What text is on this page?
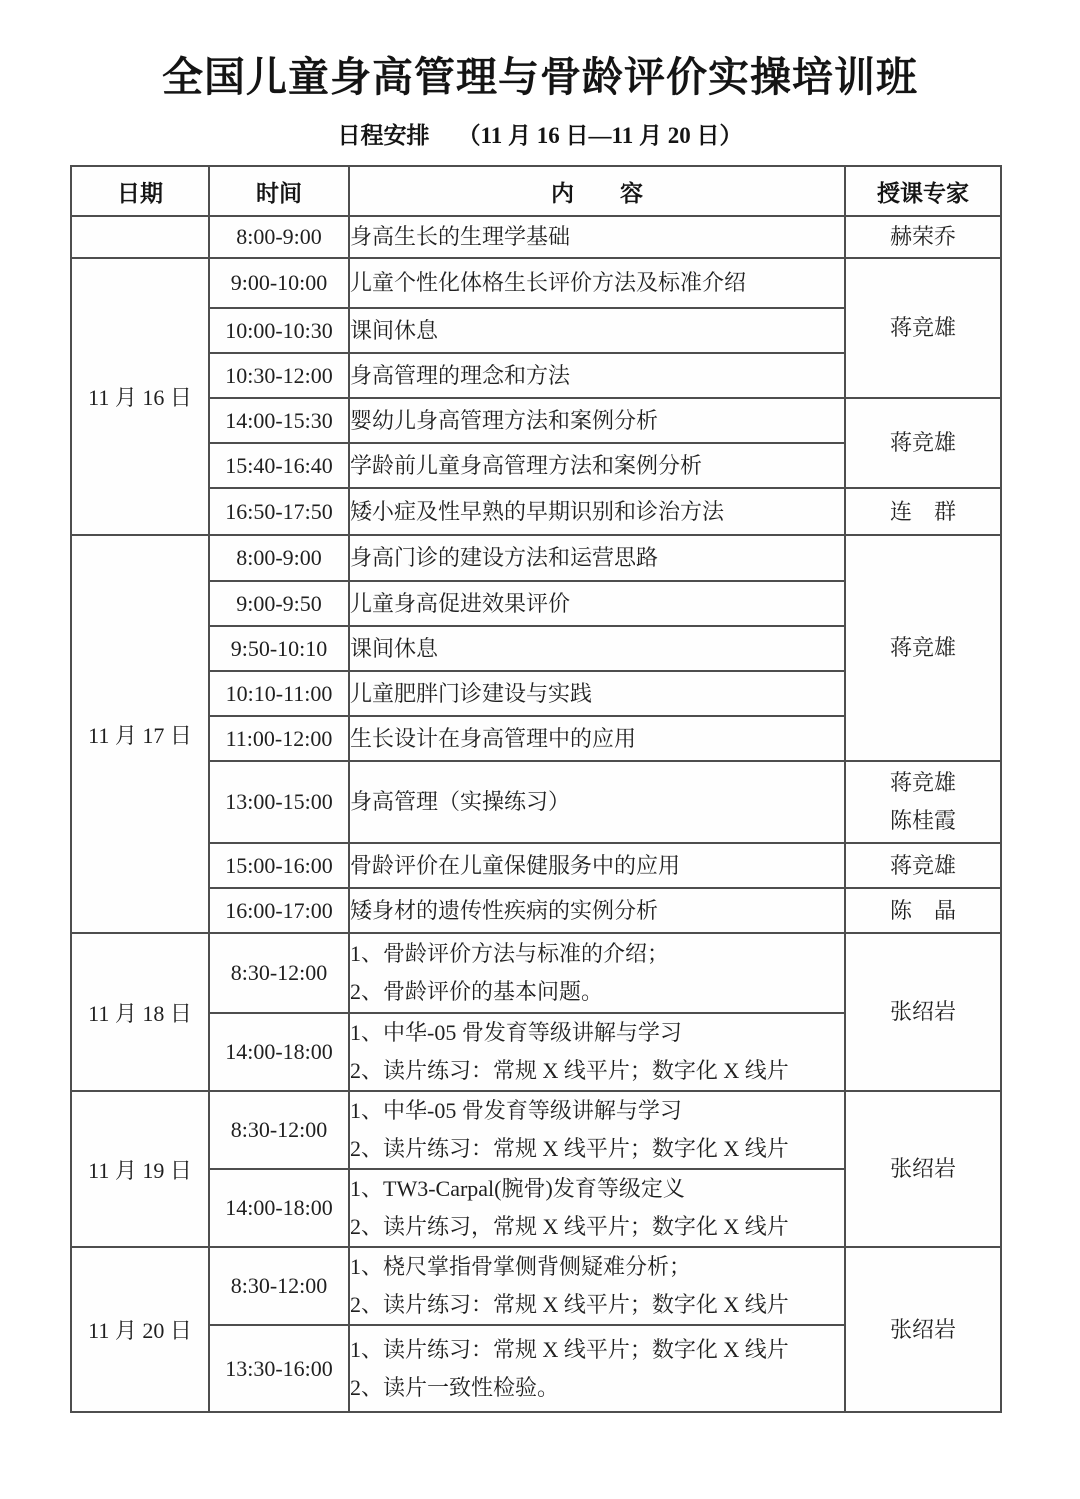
全国儿童身高管理与骨龄评价实操培训班
日程安排 （11 月 16 日—11 月 20 日）
日期	时间	内　　容	授课专家
	8:00-9:00	身高生长的生理学基础	赫荣乔

11 月 16 日	9:00-10:00	儿童个性化体格生长评价方法及标准介绍	蒋竞雄

	10:00-10:30	课间休息	

	10:30-12:00	身高管理的理念和方法	

	14:00-15:30	婴幼儿身高管理方法和案例分析	蒋竞雄

	15:40-16:40	学龄前儿童身高管理方法和案例分析	

	16:50-17:50	矮小症及性早熟的早期识别和诊治方法	连　群

11 月 17 日	8:00-9:00	身高门诊的建设方法和运营思路	蒋竞雄

	9:00-9:50	儿童身高促进效果评价	

	9:50-10:10	课间休息	

	10:10-11:00	儿童肥胖门诊建设与实践	

	11:00-12:00	生长设计在身高管理中的应用	

	13:00-15:00	身高管理（实操练习）	蒋竞雄
陈桂霞

	15:00-16:00	骨龄评价在儿童保健服务中的应用	蒋竞雄

	16:00-17:00	矮身材的遗传性疾病的实例分析	陈　晶

11 月 18 日	8:30-12:00	1、骨龄评价方法与标准的介绍；
2、骨龄评价的基本问题。	张绍岩

	14:00-18:00	1、中华-05 骨发育等级讲解与学习
2、读片练习：常规 X 线平片；数字化 X 线片	

11 月 19 日	8:30-12:00	1、中华-05 骨发育等级讲解与学习
2、读片练习：常规 X 线平片；数字化 X 线片	张绍岩

	14:00-18:00	1、TW3-Carpal(腕骨)发育等级定义
2、读片练习，常规 X 线平片；数字化 X 线片	

11 月 20 日	8:30-12:00	1、桡尺掌指骨掌侧背侧疑难分析；
2、读片练习：常规 X 线平片；数字化 X 线片	张绍岩

	13:30-16:00	1、读片练习：常规 X 线平片；数字化 X 线片
2、读片一致性检验。	
